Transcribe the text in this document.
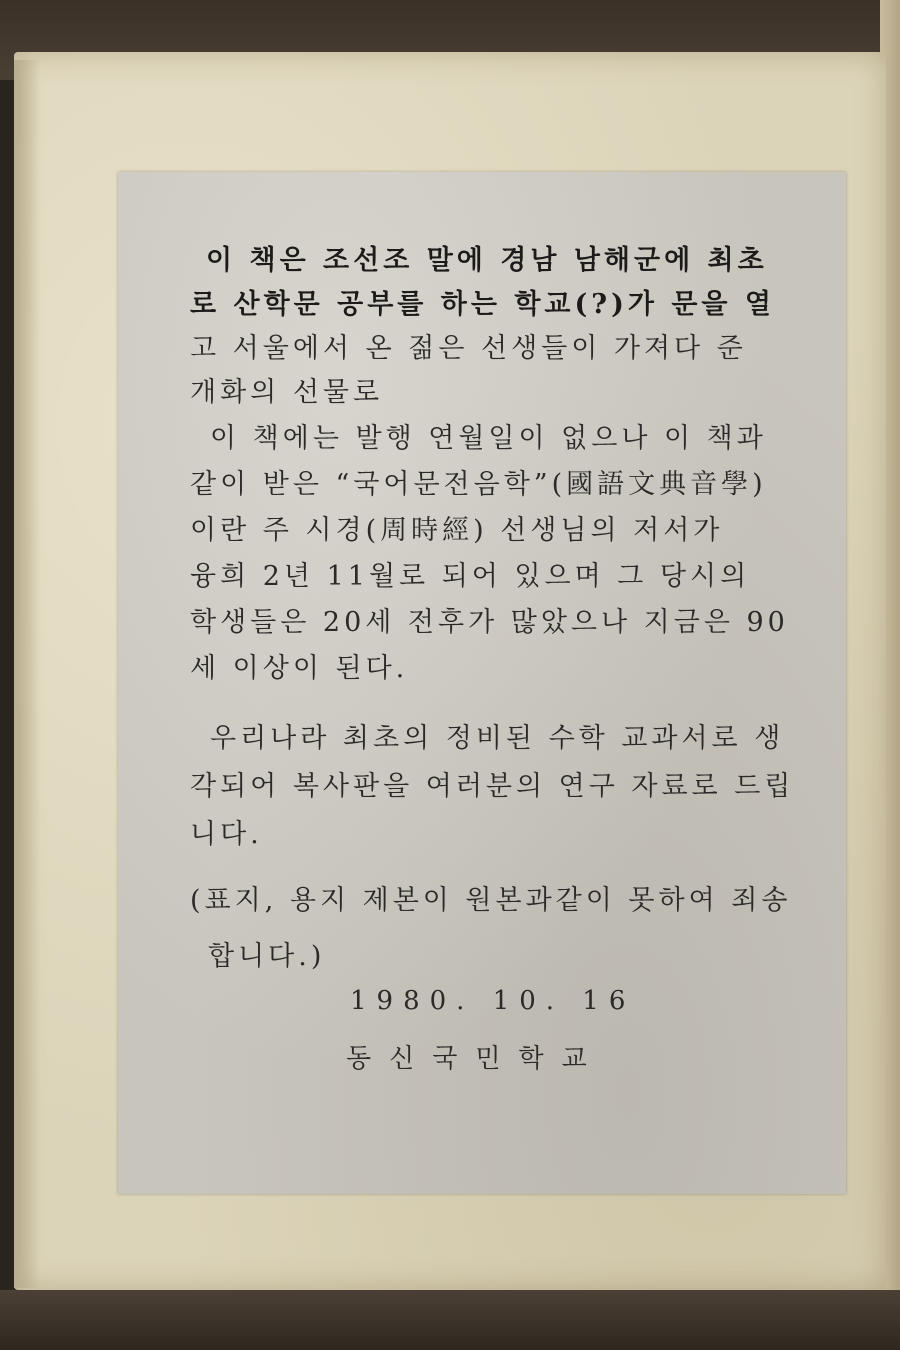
이 책은 조선조 말에 경남 남해군에 최초
로 산학문 공부를 하는 학교(?)가 문을 열
고 서울에서 온 젊은 선생들이 가져다 준
개화의 선물로
이 책에는 발행 연월일이 없으나 이 책과
같이 받은 “국어문전음학”(國語文典音學)
이란 주 시경(周時經) 선생님의 저서가
융희 2년 11월로 되어 있으며 그 당시의
학생들은 20세 전후가 많았으나 지금은 90
세 이상이 된다.
우리나라 최초의 정비된 수학 교과서로 생
각되어 복사판을 여러분의 연구 자료로 드립
니다.
(표지, 용지 제본이 원본과같이 못하여 죄송
합니다.)
1980. 10. 16
동신국민학교
